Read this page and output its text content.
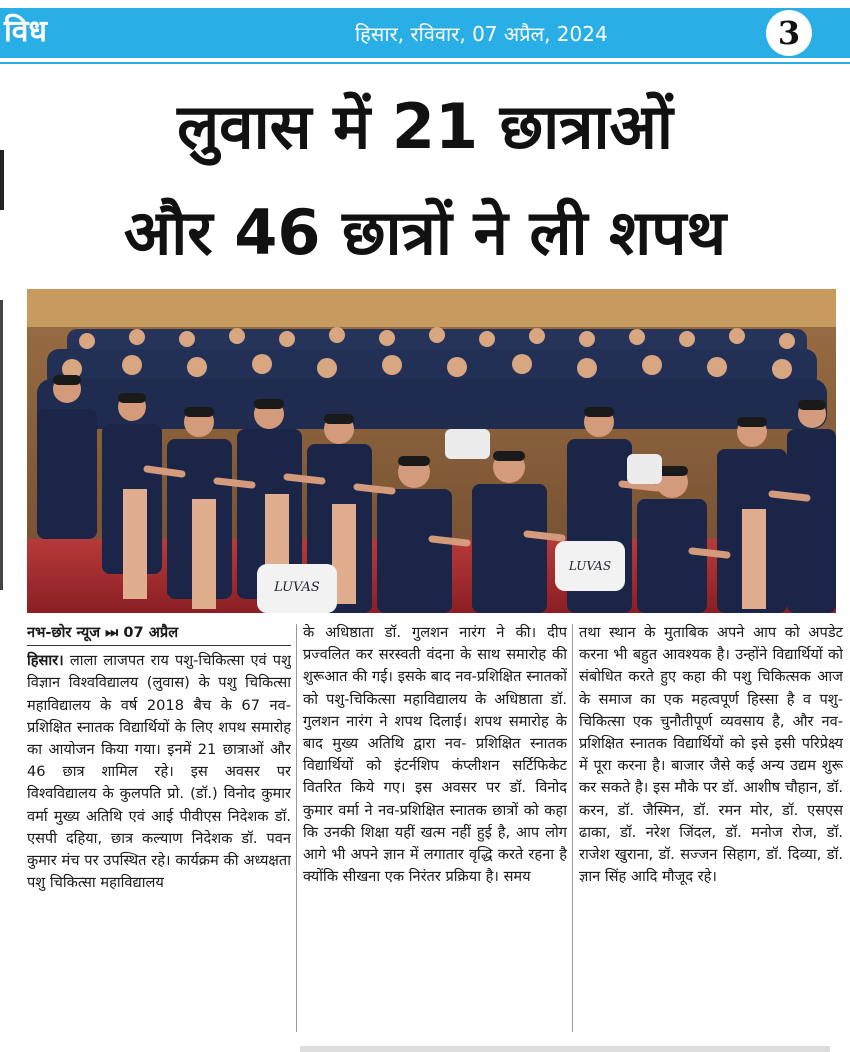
विध	हिसार, रविवार, 07 अप्रैल, 2024	3
लुवास में 21 छात्राओं
और 46 छात्रों ने ली शपथ
LUVAS
LUVAS
नभ-छोर न्यूज ⏭ 07 अप्रैल
हिसार। लाला लाजपत राय पशु-चिकित्सा एवं पशु विज्ञान विश्वविद्यालय (लुवास) के पशु चिकित्सा महाविद्यालय के वर्ष 2018 बैच के 67 नव-प्रशिक्षित स्नातक विद्यार्थियों के लिए शपथ समारोह का आयोजन किया गया। इनमें 21 छात्राओं और 46 छात्र शामिल रहे। इस अवसर पर विश्वविद्यालय के कुलपति प्रो. (डॉ.) विनोद कुमार वर्मा मुख्य अतिथि एवं आई पीवीएस निदेशक डॉ. एसपी दहिया, छात्र कल्याण निदेशक डॉ. पवन कुमार मंच पर उपस्थित रहे। कार्यक्रम की अध्यक्षता पशु चिकित्सा महाविद्यालय
के अधिष्ठाता डॉ. गुलशन नारंग ने की। दीप प्रज्वलित कर सरस्वती वंदना के साथ समारोह की शुरूआत की गई। इसके बाद नव-प्रशिक्षित स्नातकों को पशु-चिकित्सा महाविद्यालय के अधिष्ठाता डॉ. गुलशन नारंग ने शपथ दिलाई। शपथ समारोह के बाद मुख्य अतिथि द्वारा नव- प्रशिक्षित स्नातक विद्यार्थियों को इंटर्नशिप कंप्लीशन सर्टिफिकेट वितरित किये गए। इस अवसर पर डॉ. विनोद कुमार वर्मा ने नव-प्रशिक्षित स्नातक छात्रों को कहा कि उनकी शिक्षा यहीं खत्म नहीं हुई है, आप लोग आगे भी अपने ज्ञान में लगातार वृद्धि करते रहना है क्योंकि सीखना एक निरंतर प्रक्रिया है। समय
तथा स्थान के मुताबिक अपने आप को अपडेट करना भी बहुत आवश्यक है। उन्होंने विद्यार्थियों को संबोधित करते हुए कहा की पशु चिकित्सक आज के समाज का एक महत्वपूर्ण हिस्सा है व पशु-चिकित्सा एक चुनौतीपूर्ण व्यवसाय है, और नव-प्रशिक्षित स्नातक विद्यार्थियों को इसे इसी परिप्रेक्ष्य में पूरा करना है। बाजार जैसे कई अन्य उद्यम शुरू कर सकते है। इस मौके पर डॉ. आशीष चौहान, डॉ. करन, डॉ. जैस्मिन, डॉ. रमन मोर, डॉ. एसएस ढाका, डॉ. नरेश जिंदल, डॉ. मनोज रोज, डॉ. राजेश खुराना, डॉ. सज्जन सिहाग, डॉ. दिव्या, डॉ. ज्ञान सिंह आदि मौजूद रहे।
